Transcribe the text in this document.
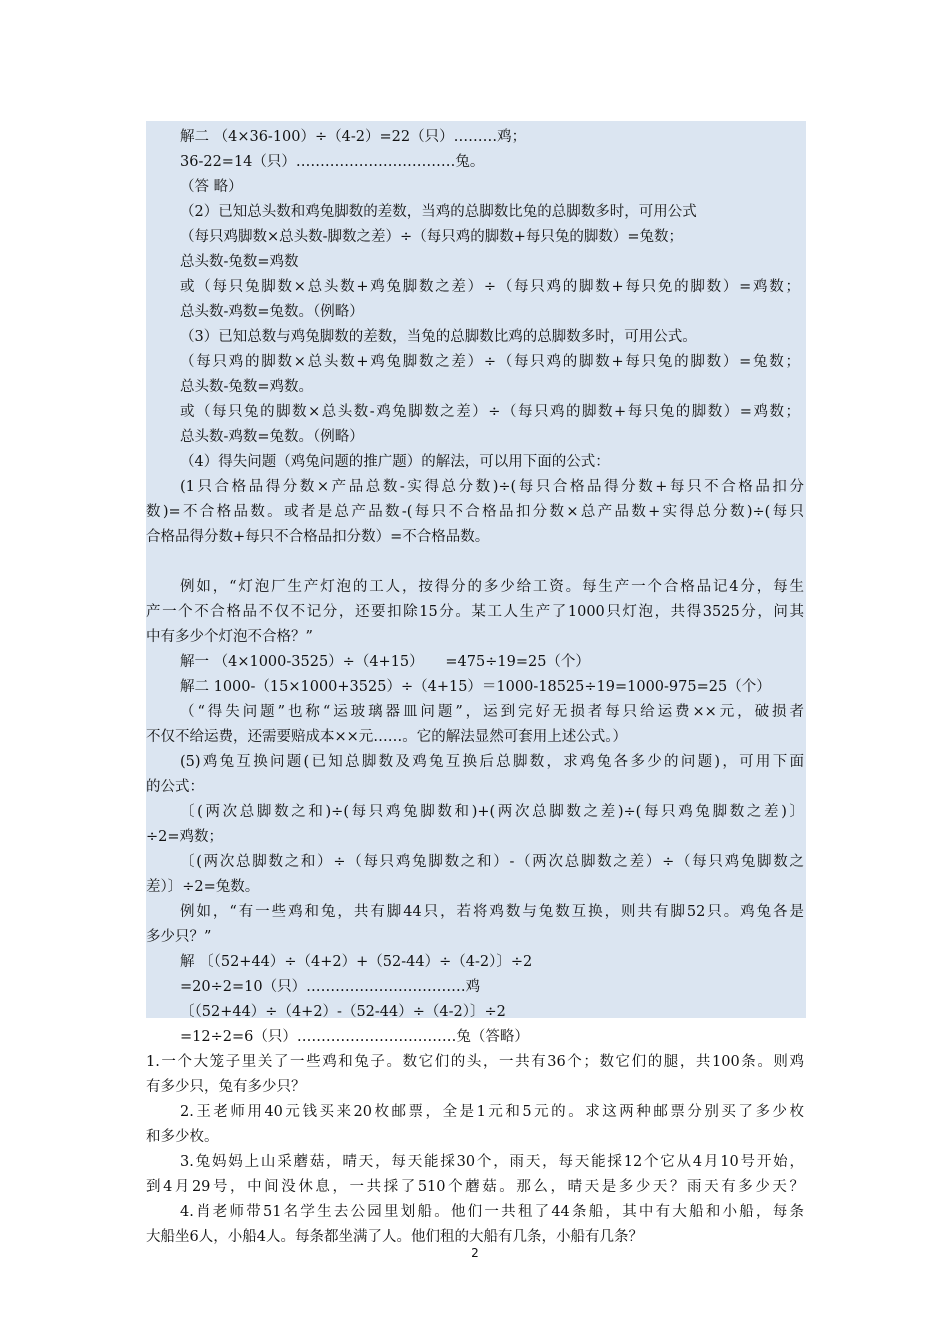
解二 （4×36-100）÷（4-2）=22（只）………鸡；
36-22=14（只）……………………………兔。
（答 略）
（2）已知总头数和鸡兔脚数的差数，当鸡的总脚数比兔的总脚数多时，可用公式
（每只鸡脚数×总头数-脚数之差）÷（每只鸡的脚数+每只兔的脚数）=兔数；
总头数-兔数=鸡数
或（每只兔脚数×总头数+鸡兔脚数之差）÷（每只鸡的脚数+每只免的脚数）=鸡数；
总头数-鸡数=兔数。（例略）
（3）已知总数与鸡兔脚数的差数，当兔的总脚数比鸡的总脚数多时，可用公式。
（每只鸡的脚数×总头数+鸡兔脚数之差）÷（每只鸡的脚数+每只兔的脚数）=兔数；
总头数-兔数=鸡数。
或（每只兔的脚数×总头数-鸡兔脚数之差）÷（每只鸡的脚数+每只兔的脚数）=鸡数；
总头数-鸡数=兔数。（例略）
（4）得失问题（鸡兔问题的推广题）的解法，可以用下面的公式：
(1只合格品得分数×产品总数-实得总分数)÷(每只合格品得分数+每只不合格品扣分
数)=不合格品数。或者是总产品数-(每只不合格品扣分数×总产品数+实得总分数)÷(每只
合格品得分数+每只不合格品扣分数）=不合格品数。
例如，“灯泡厂生产灯泡的工人，按得分的多少给工资。每生产一个合格品记4分，每生
产一个不合格品不仅不记分，还要扣除15分。某工人生产了1000只灯泡，共得3525分，问其
中有多少个灯泡不合格？”
解一 （4×1000-3525）÷（4+15）　　=475÷19=25（个）
解二 1000-（15×1000+3525）÷（4+15）＝1000-18525÷19=1000-975=25（个）
（“得失问题”也称“运玻璃器皿问题”，运到完好无损者每只给运费××元，破损者
不仅不给运费，还需要赔成本××元……。它的解法显然可套用上述公式。）
(5)鸡兔互换问题(已知总脚数及鸡兔互换后总脚数，求鸡兔各多少的问题)，可用下面
的公式：
〔(两次总脚数之和)÷(每只鸡兔脚数和)+(两次总脚数之差)÷(每只鸡兔脚数之差)〕
÷2=鸡数；
〔(两次总脚数之和）÷（每只鸡兔脚数之和）-（两次总脚数之差）÷（每只鸡兔脚数之
差）〕÷2=兔数。
例如，“有一些鸡和兔，共有脚44只，若将鸡数与兔数互换，则共有脚52只。鸡兔各是
多少只？”
解 〔（52+44）÷（4+2）+（52-44）÷（4-2）〕÷2
=20÷2=10（只）……………………………鸡
〔（52+44）÷（4+2）-（52-44）÷（4-2）〕÷2
=12÷2=6（只）……………………………兔（答略）
1.一个大笼子里关了一些鸡和兔子。数它们的头，一共有36个；数它们的腿，共100条。则鸡
有多少只，兔有多少只？
2.王老师用40元钱买来20枚邮票，全是1元和5元的。求这两种邮票分别买了多少枚
和多少枚。
3.兔妈妈上山采蘑菇，晴天，每天能採30个，雨天，每天能採12个它从4月10号开始，
到4月29号，中间没休息，一共採了510个蘑菇。那么，晴天是多少天？雨天有多少天？
4.肖老师带51名学生去公园里划船。他们一共租了44条船，其中有大船和小船，每条
大船坐6人，小船4人。每条都坐满了人。他们租的大船有几条，小船有几条？
2
